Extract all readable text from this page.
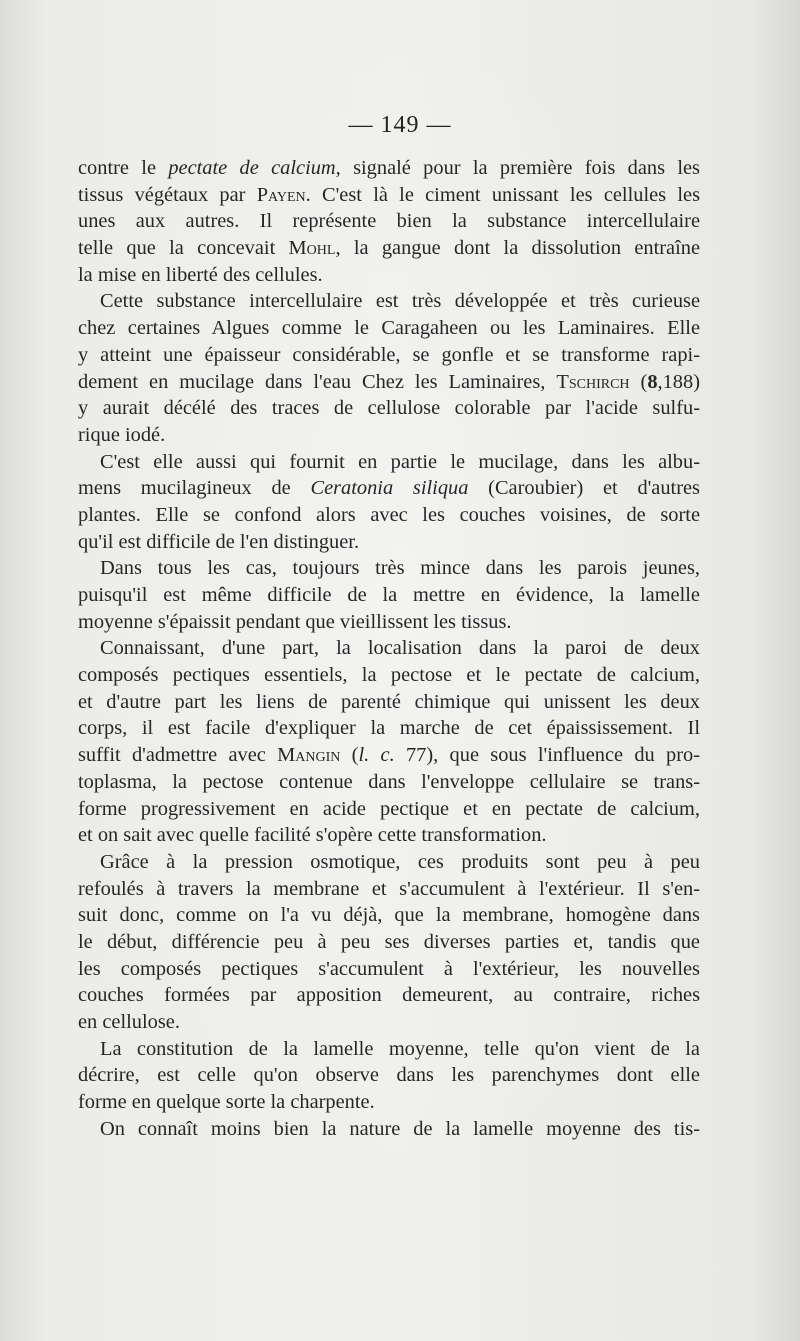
— 149 —
contre le pectate de calcium, signalé pour la première fois dans les
tissus végétaux par Payen. C'est là le ciment unissant les cellules les
unes aux autres. Il représente bien la substance intercellulaire
telle que la concevait Mohl, la gangue dont la dissolution entraîne
la mise en liberté des cellules.
Cette substance intercellulaire est très développée et très curieuse
chez certaines Algues comme le Caragaheen ou les Laminaires. Elle
y atteint une épaisseur considérable, se gonfle et se transforme rapi-
dement en mucilage dans l'eau Chez les Laminaires, Tschirch (8,188)
y aurait décélé des traces de cellulose colorable par l'acide sulfu-
rique iodé.
C'est elle aussi qui fournit en partie le mucilage, dans les albu-
mens mucilagineux de Ceratonia siliqua (Caroubier) et d'autres
plantes. Elle se confond alors avec les couches voisines, de sorte
qu'il est difficile de l'en distinguer.
Dans tous les cas, toujours très mince dans les parois jeunes,
puisqu'il est même difficile de la mettre en évidence, la lamelle
moyenne s'épaissit pendant que vieillissent les tissus.
Connaissant, d'une part, la localisation dans la paroi de deux
composés pectiques essentiels, la pectose et le pectate de calcium,
et d'autre part les liens de parenté chimique qui unissent les deux
corps, il est facile d'expliquer la marche de cet épaississement. Il
suffit d'admettre avec Mangin (l. c. 77), que sous l'influence du pro-
toplasma, la pectose contenue dans l'enveloppe cellulaire se trans-
forme progressivement en acide pectique et en pectate de calcium,
et on sait avec quelle facilité s'opère cette transformation.
Grâce à la pression osmotique, ces produits sont peu à peu
refoulés à travers la membrane et s'accumulent à l'extérieur. Il s'en-
suit donc, comme on l'a vu déjà, que la membrane, homogène dans
le début, différencie peu à peu ses diverses parties et, tandis que
les composés pectiques s'accumulent à l'extérieur, les nouvelles
couches formées par apposition demeurent, au contraire, riches
en cellulose.
La constitution de la lamelle moyenne, telle qu'on vient de la
décrire, est celle qu'on observe dans les parenchymes dont elle
forme en quelque sorte la charpente.
On connaît moins bien la nature de la lamelle moyenne des tis-
